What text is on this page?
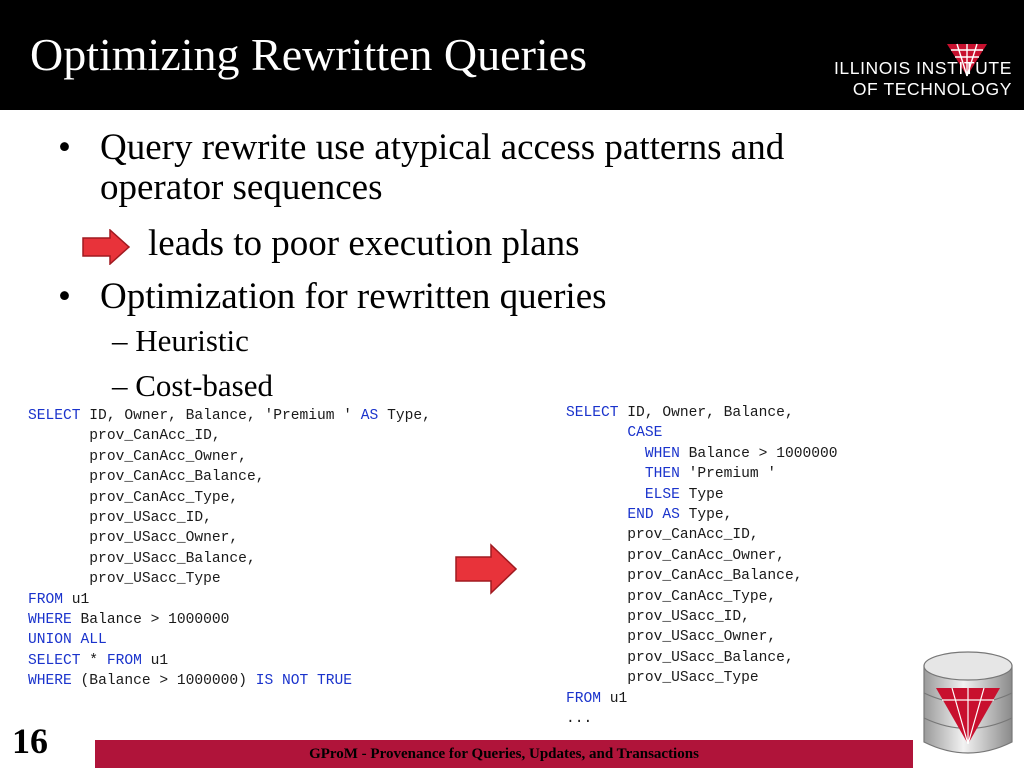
Optimizing Rewritten Queries	ILLINOIS INSTITUTE
OF TECHNOLOGY
• Query rewrite use atypical access patterns and
operator sequences
leads to poor execution plans
• Optimization for rewritten queries
– Heuristic
– Cost-based
SELECT ID, Owner, Balance, 'Premium ' AS Type,
prov_CanAcc_ID,
prov_CanAcc_Owner,
prov_CanAcc_Balance,
prov_CanAcc_Type,
prov_USacc_ID,
prov_USacc_Owner,
prov_USacc_Balance,
prov_USacc_Type
FROM u1
WHERE Balance > 1000000
UNION ALL
SELECT * FROM u1
WHERE (Balance > 1000000) IS NOT TRUE
SELECT ID, Owner, Balance,
CASE
WHEN Balance > 1000000
THEN 'Premium '
ELSE Type
END AS Type,
prov_CanAcc_ID,
prov_CanAcc_Owner,
prov_CanAcc_Balance,
prov_CanAcc_Type,
prov_USacc_ID,
prov_USacc_Owner,
prov_USacc_Balance,
prov_USacc_Type
FROM u1
...
16	GProM - Provenance for Queries, Updates, and Transactions
